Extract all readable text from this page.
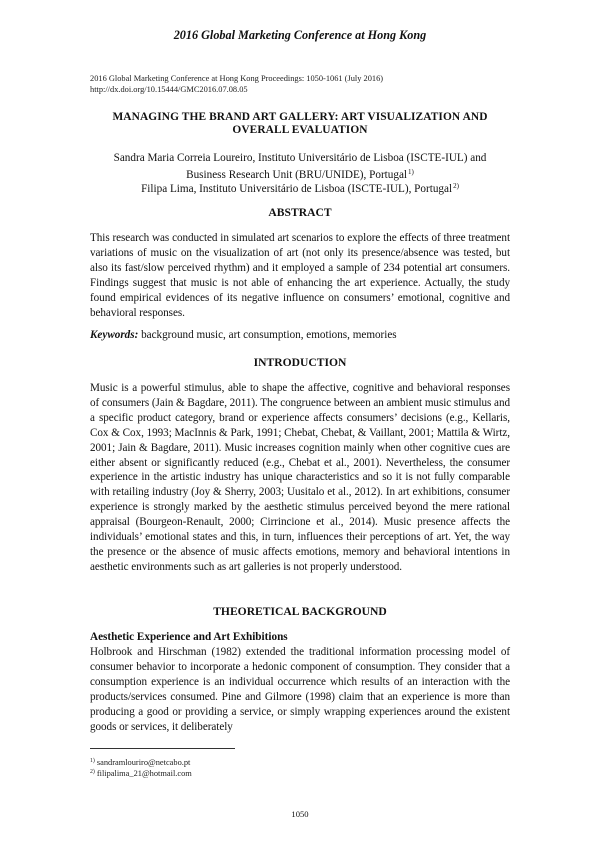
2016 Global Marketing Conference at Hong Kong
2016 Global Marketing Conference at Hong Kong Proceedings: 1050-1061 (July 2016)
http://dx.doi.org/10.15444/GMC2016.07.08.05
MANAGING THE BRAND ART GALLERY: ART VISUALIZATION AND OVERALL EVALUATION
Sandra Maria Correia Loureiro, Instituto Universitário de Lisboa (ISCTE-IUL) and
Business Research Unit (BRU/UNIDE), Portugal$^{1)}$
Filipa Lima, Instituto Universitário de Lisboa (ISCTE-IUL), Portugal$^{2)}$
ABSTRACT
This research was conducted in simulated art scenarios to explore the effects of three treatment variations of music on the visualization of art (not only its presence/absence was tested, but also its fast/slow perceived rhythm) and it employed a sample of 234 potential art consumers. Findings suggest that music is not able of enhancing the art experience. Actually, the study found empirical evidences of its negative influence on consumers’ emotional, cognitive and behavioral responses.
Keywords: background music, art consumption, emotions, memories
INTRODUCTION
Music is a powerful stimulus, able to shape the affective, cognitive and behavioral responses of consumers (Jain & Bagdare, 2011). The congruence between an ambient music stimulus and a specific product category, brand or experience affects consumers’ decisions (e.g., Kellaris, Cox & Cox, 1993; MacInnis & Park, 1991; Chebat, Chebat, & Vaillant, 2001; Mattila & Wirtz, 2001; Jain & Bagdare, 2011). Music increases cognition mainly when other cognitive cues are either absent or significantly reduced (e.g., Chebat et al., 2001). Nevertheless, the consumer experience in the artistic industry has unique characteristics and so it is not fully comparable with retailing industry (Joy & Sherry, 2003; Uusitalo et al., 2012). In art exhibitions, consumer experience is strongly marked by the aesthetic stimulus perceived beyond the mere rational appraisal (Bourgeon-Renault, 2000; Cirrincione et al., 2014). Music presence affects the individuals’ emotional states and this, in turn, influences their perceptions of art. Yet, the way the presence or the absence of music affects emotions, memory and behavioral intentions in aesthetic environments such as art galleries is not properly understood.
THEORETICAL BACKGROUND
Aesthetic Experience and Art Exhibitions
Holbrook and Hirschman (1982) extended the traditional information processing model of consumer behavior to incorporate a hedonic component of consumption. They consider that a consumption experience is an individual occurrence which results of an interaction with the products/services consumed. Pine and Gilmore (1998) claim that an experience is more than producing a good or providing a service, or simply wrapping experiences around the existent goods or services, it deliberately
$^{1)}$ sandramlouriro@netcabo.pt
$^{2)}$ filipalima_21@hotmail.com
1050
